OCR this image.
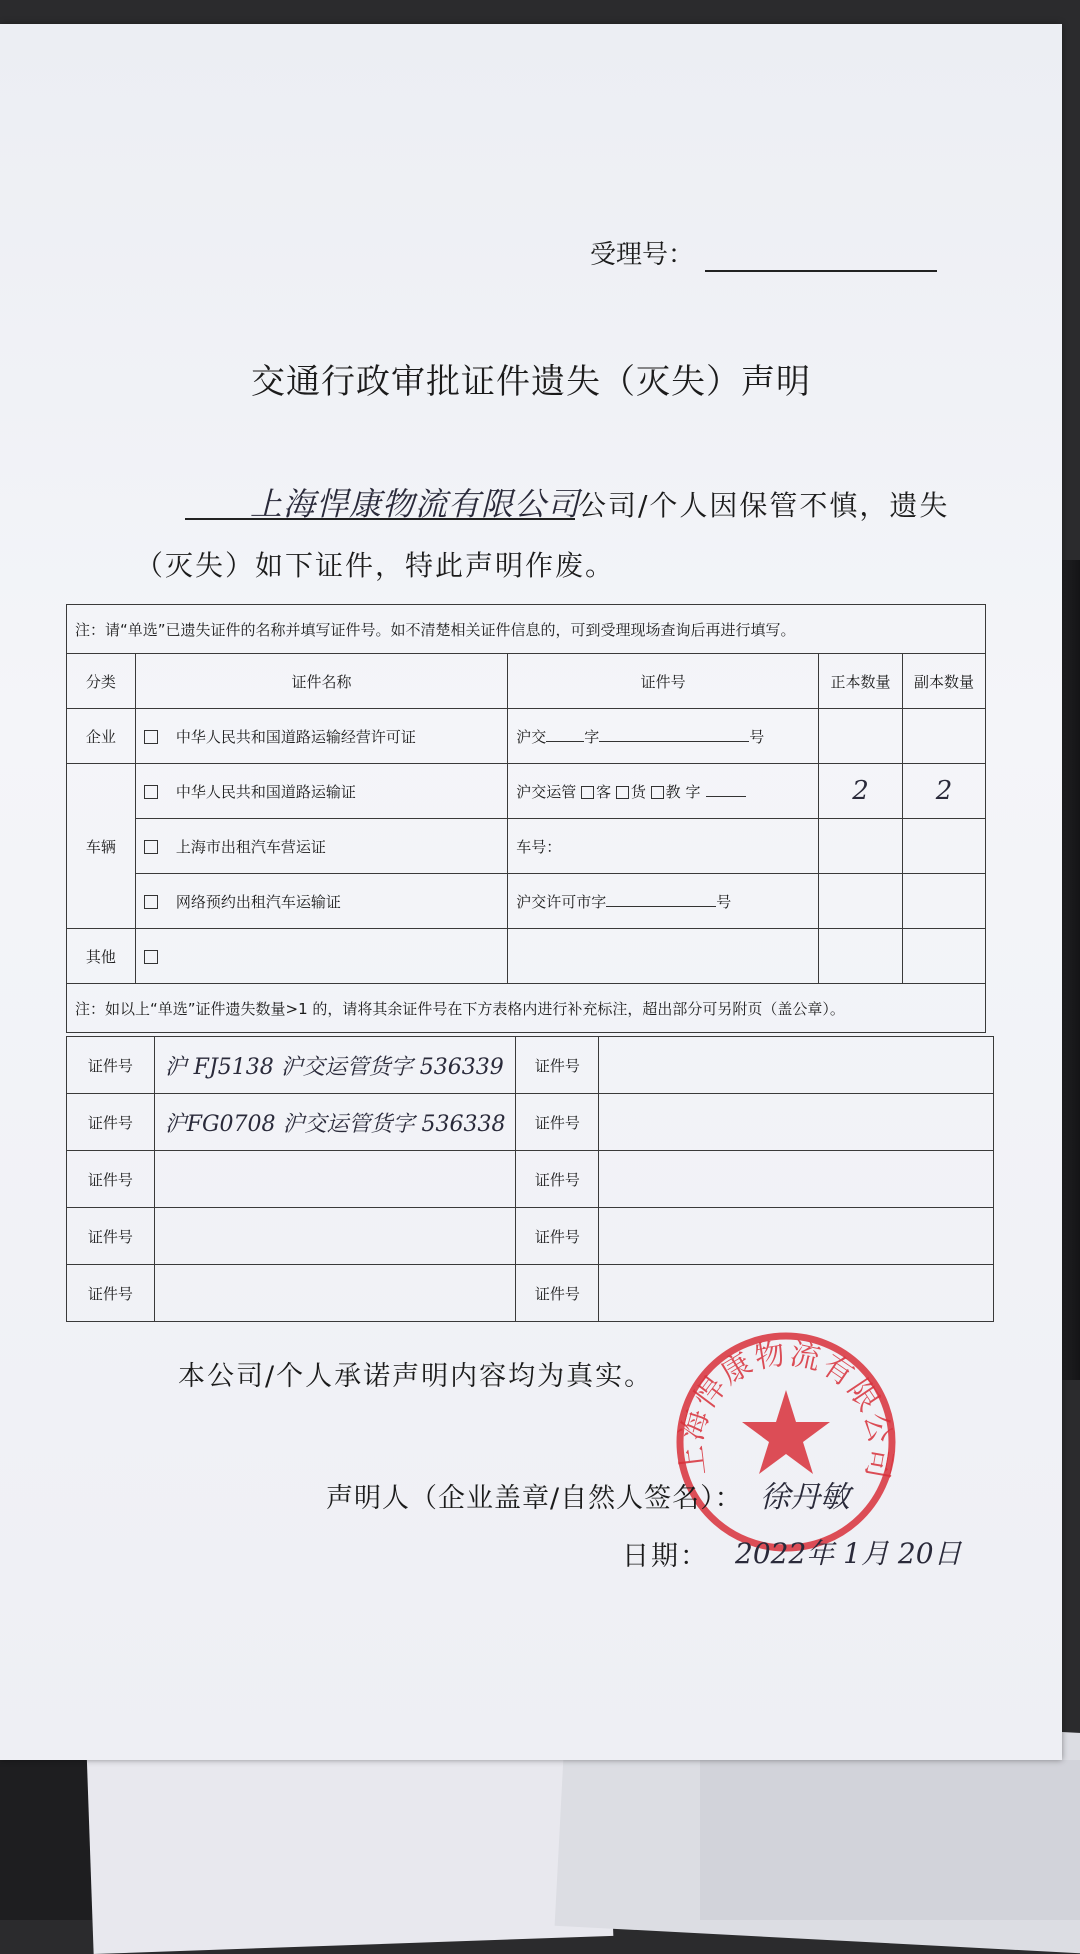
受理号：
交通行政审批证件遗失（灭失）声明
上海悍康物流有限公司
公司/个人因保管不慎，遗失
（灭失）如下证件，特此声明作废。
注：请“单选”已遗失证件的名称并填写证件号。如不清楚相关证件信息的，可到受理现场查询后再进行填写。				
分类	证件名称	证件号	正本数量	副本数量
企业	中华人民共和国道路运输经营许可证	沪交 字 号		
车辆	中华人民共和国道路运输证	沪交运管 客 货 教 字	2	2
	上海市出租汽车营运证	车号：		
	网络预约出租汽车运输证	沪交许可市字 号		
其他				
注：如以上“单选”证件遗失数量>1 的，请将其余证件号在下方表格内进行补充标注，超出部分可另附页（盖公章）。				
证件号	沪 FJ5138 沪交运管货字 536339	证件号	
证件号	沪FG0708 沪交运管货字 536338	证件号	
证件号		证件号	
证件号		证件号	
证件号		证件号	
本公司/个人承诺声明内容均为真实。
上海悍康物流有限公司
声明人（企业盖章/自然人签名）： 徐丹敏
日期： 2022年 1月 20日
